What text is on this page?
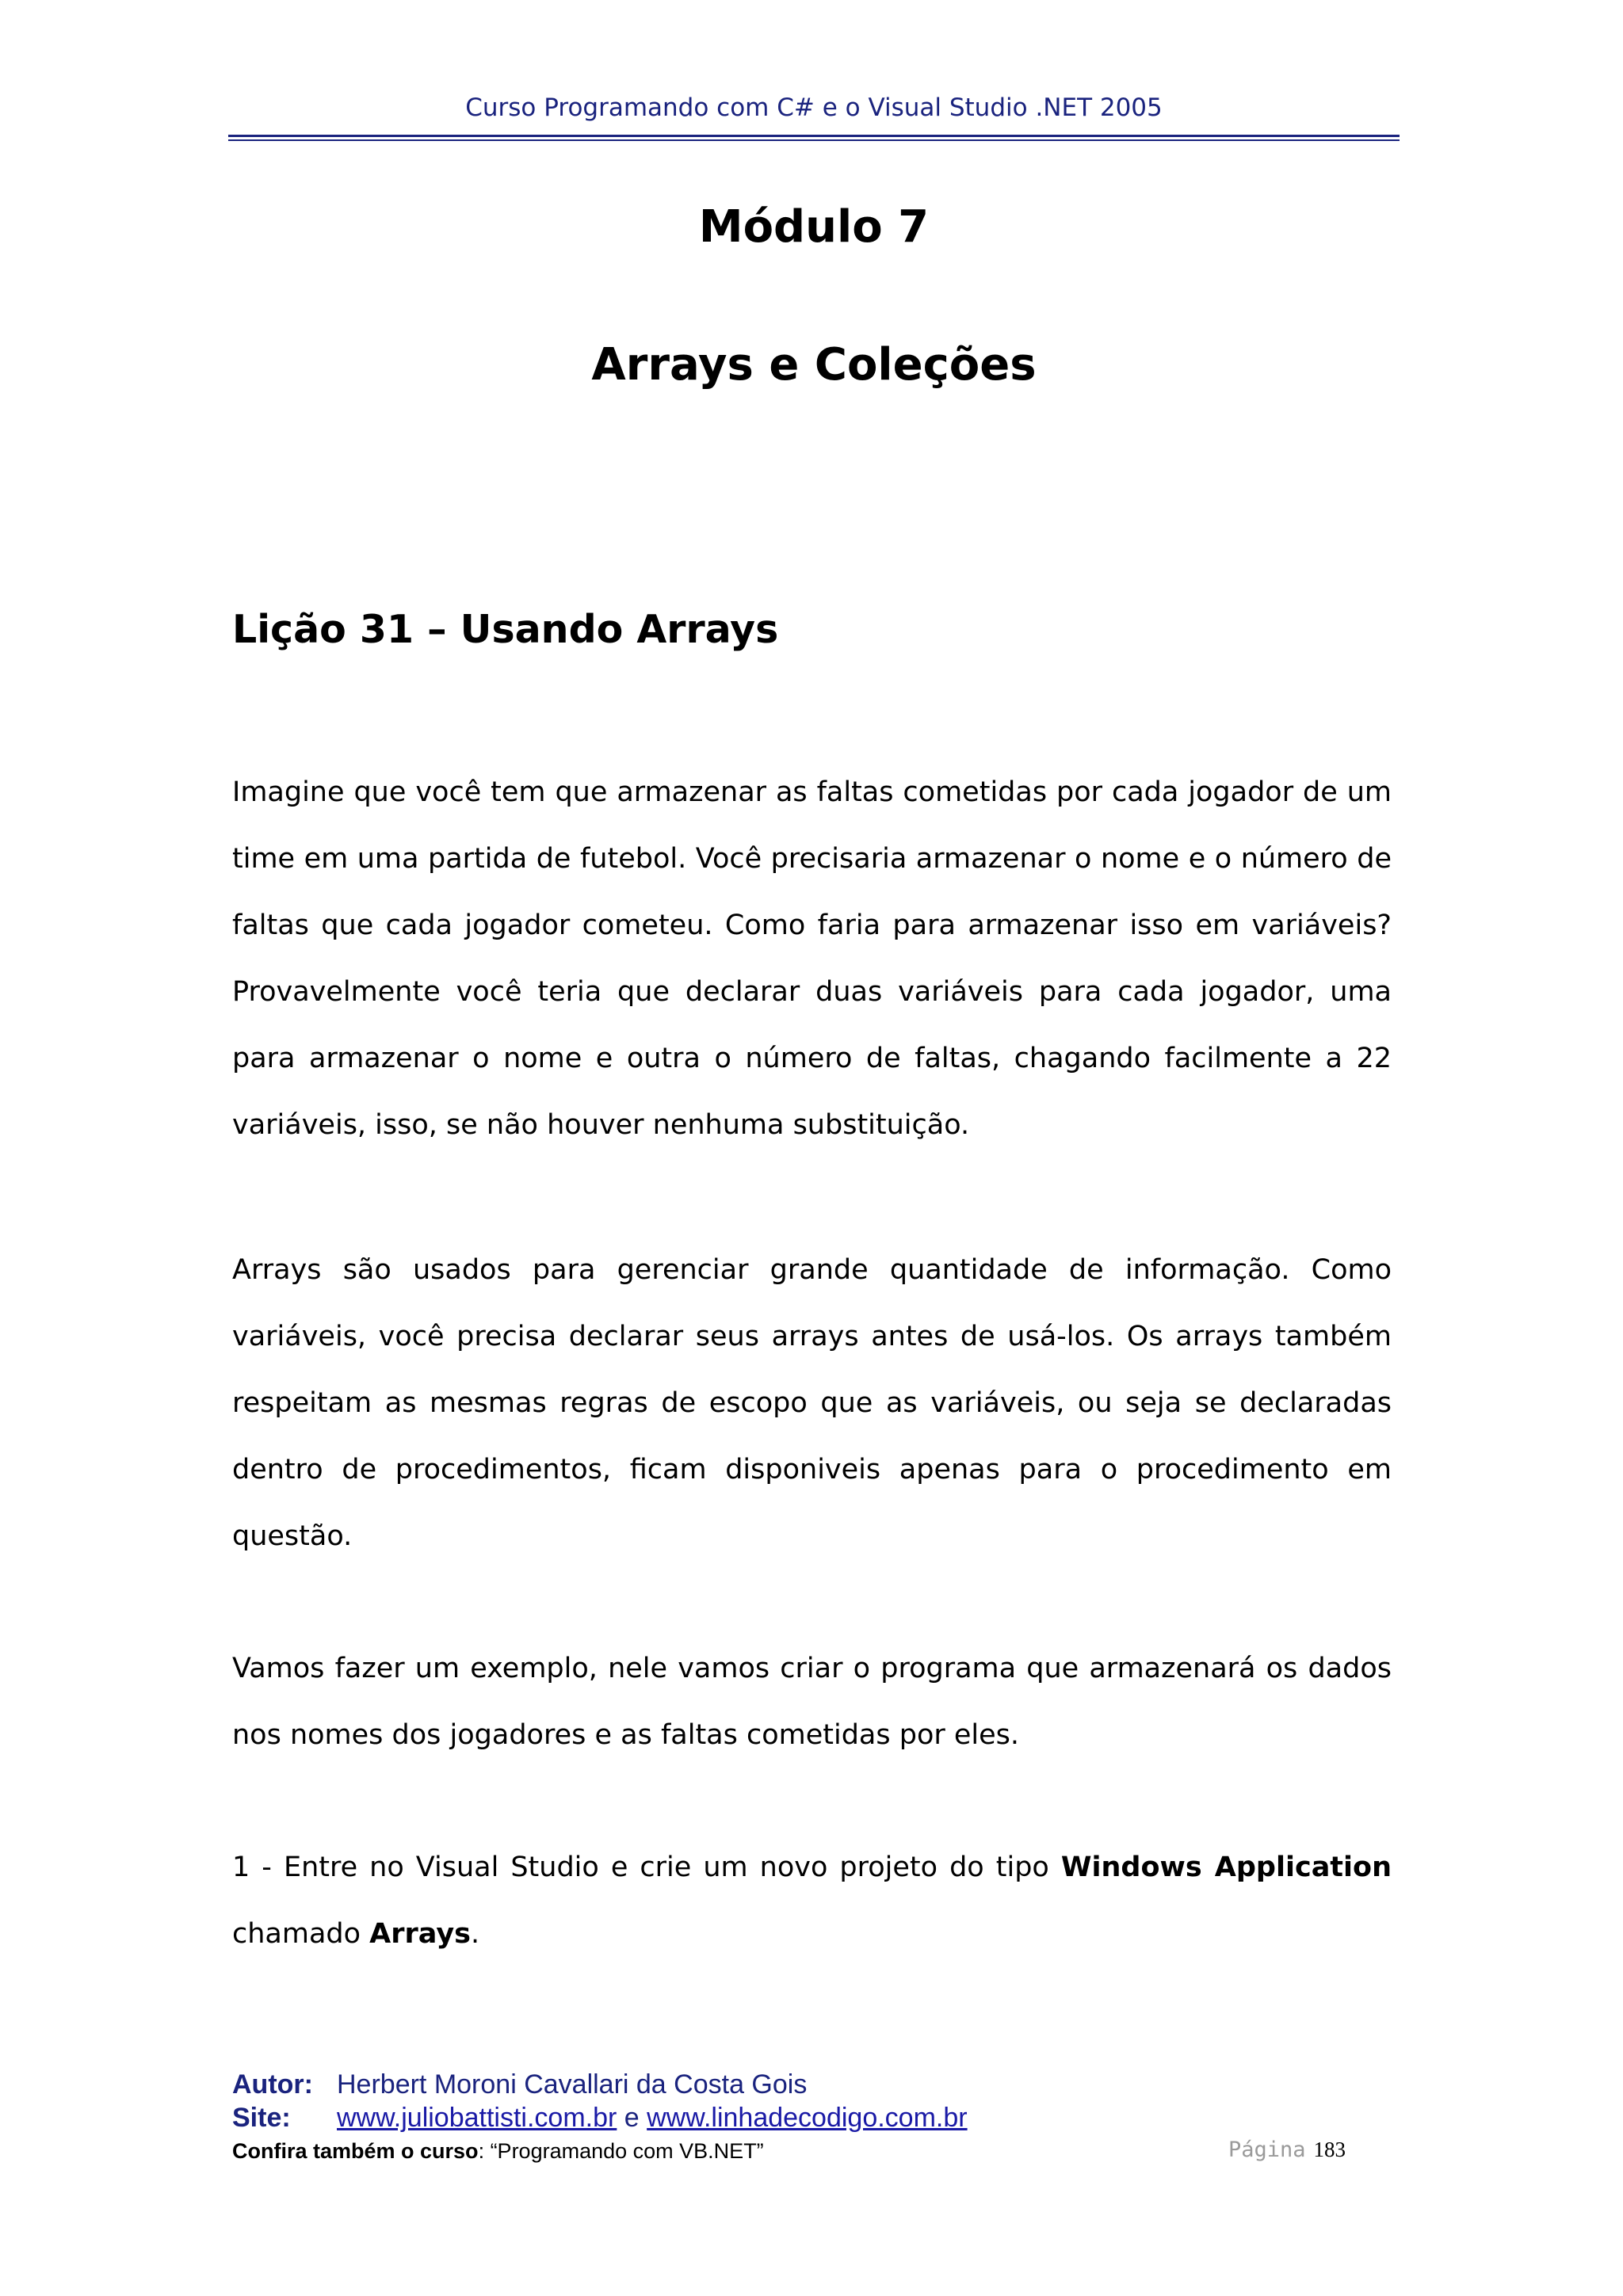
Curso Programando com C# e o Visual Studio .NET 2005
Módulo 7
Arrays e Coleções
Lição 31 – Usando Arrays

Imagine que você tem que armazenar as faltas cometidas por cada jogador de um time em uma partida de futebol. Você precisaria armazenar o nome e o número de faltas que cada jogador cometeu. Como faria para armazenar isso em variáveis? Provavelmente você teria que declarar duas variáveis para cada jogador, uma para armazenar o nome e outra o número de faltas, chagando facilmente a 22 variáveis, isso, se não houver nenhuma substituição.

Arrays são usados para gerenciar grande quantidade de informação. Como variáveis, você precisa declarar seus arrays antes de usá-los. Os arrays também respeitam as mesmas regras de escopo que as variáveis, ou seja se declaradas dentro de procedimentos, ficam disponiveis apenas para o procedimento em questão.

Vamos fazer um exemplo, nele vamos criar o programa que armazenará os dados nos nomes dos jogadores e as faltas cometidas por eles.

1 - Entre no Visual Studio e crie um novo projeto do tipo Windows Application chamado Arrays.

Autor: Herbert Moroni Cavallari da Costa Gois
Site: www.juliobattisti.com.br e www.linhadecodigo.com.br
Confira também o curso: “Programando com VB.NET”	Página 183
